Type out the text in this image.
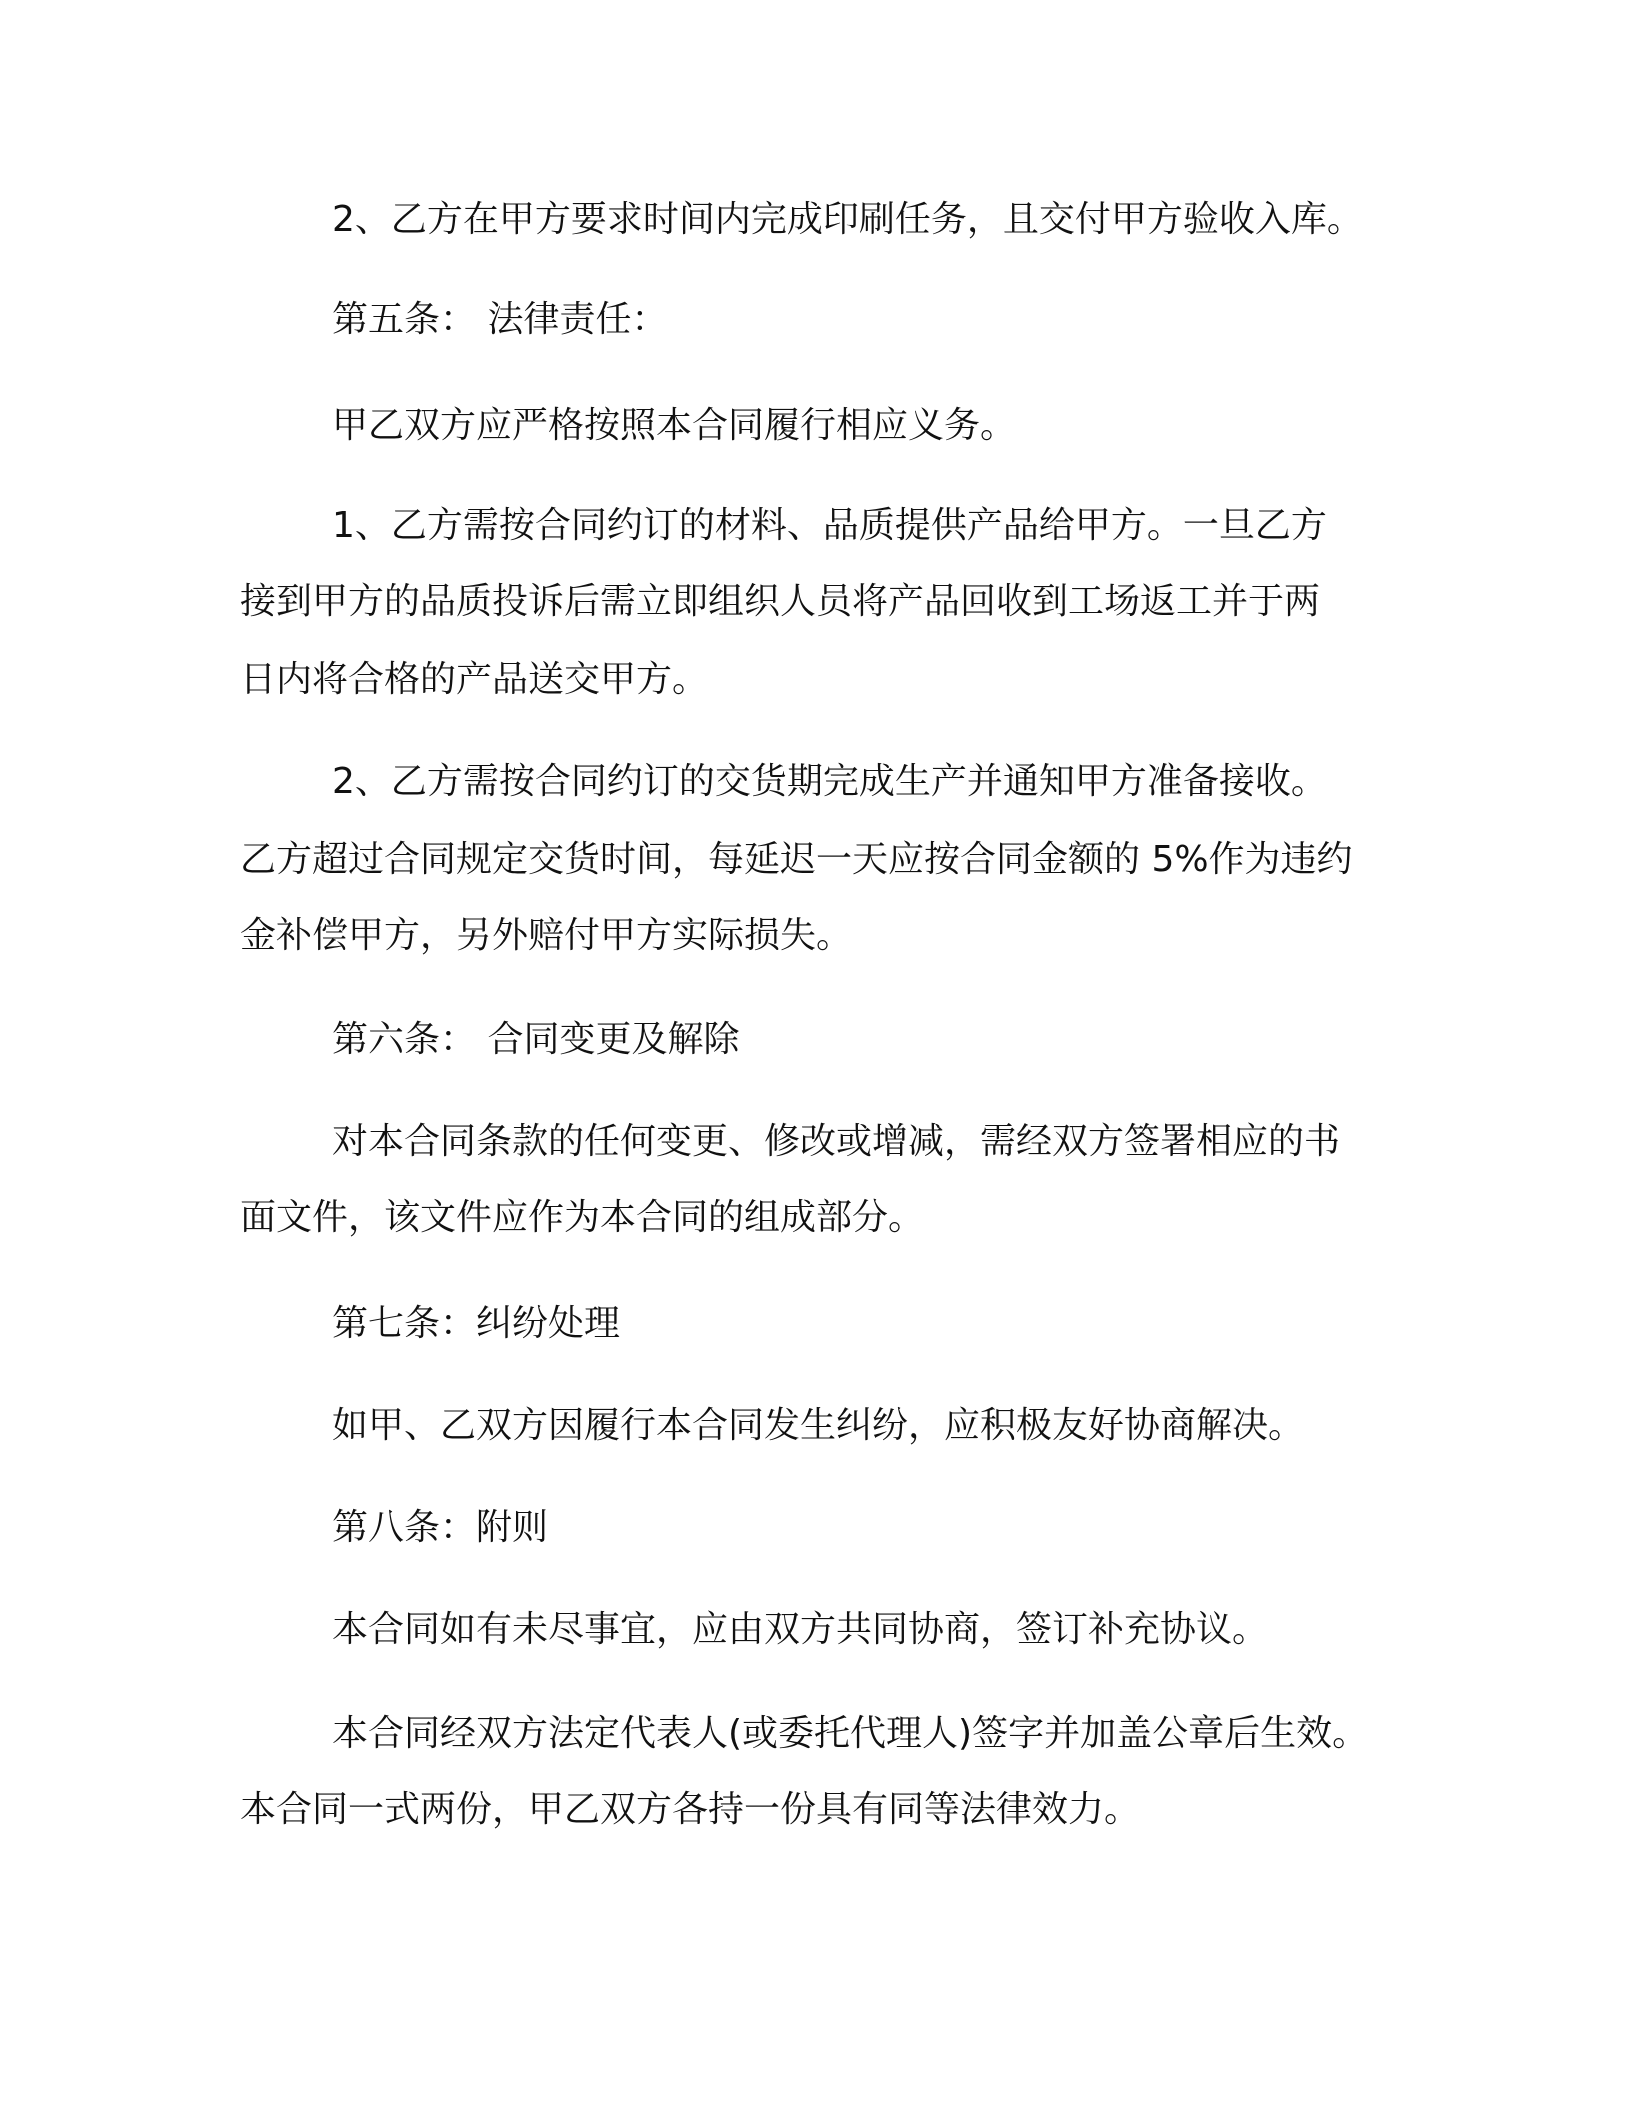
2、乙方在甲方要求时间内完成印刷任务，且交付甲方验收入库。
第五条： 法律责任：
甲乙双方应严格按照本合同履行相应义务。
1、乙方需按合同约订的材料、品质提供产品给甲方。一旦乙方
接到甲方的品质投诉后需立即组织人员将产品回收到工场返工并于两
日内将合格的产品送交甲方。
2、乙方需按合同约订的交货期完成生产并通知甲方准备接收。
乙方超过合同规定交货时间，每延迟一天应按合同金额的 5%作为违约
金补偿甲方，另外赔付甲方实际损失。
第六条： 合同变更及解除
对本合同条款的任何变更、修改或增减，需经双方签署相应的书
面文件，该文件应作为本合同的组成部分。
第七条：纠纷处理
如甲、乙双方因履行本合同发生纠纷，应积极友好协商解决。
第八条：附则
本合同如有未尽事宜，应由双方共同协商，签订补充协议。
本合同经双方法定代表人(或委托代理人)签字并加盖公章后生效。
本合同一式两份，甲乙双方各持一份具有同等法律效力。
